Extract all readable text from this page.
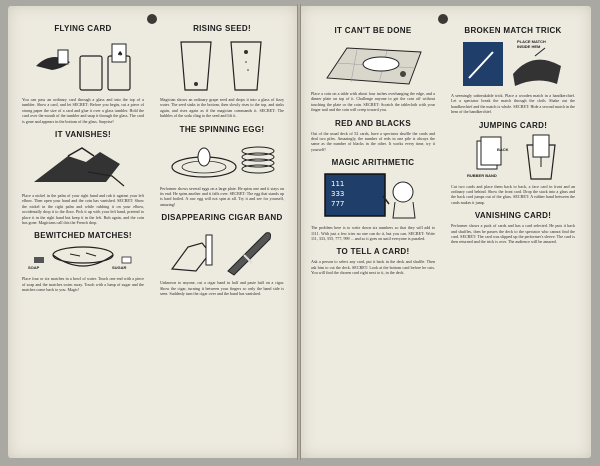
FLYING CARD
♠

You can pass an ordinary card through a glass and into the top of a tumbler. Show a card, and let SECRET: Before you begin, cut a piece of strong paper the size of a card and glue it over a glass tumbler. Hold the card over the mouth of the tumbler and snap it through the glass. The card is gone and appears in the bottom of the glass. Surprise!

IT VANISHES!

Place a nickel in the palm of your right hand and rub it against your left elbow. Then open your hand and the coin has vanished. SECRET: Show the nickel in the right palm and while rubbing it on your elbow, accidentally drop it to the floor. Pick it up with your left hand, pretend to place it in the right hand but keep it in the left. Rub again, and the coin has gone. Magicians call this the French drop.

BEWITCHED MATCHES!
SOAP	SUGAR

Place four or six matches in a bowl of water. Touch one end with a piece of soap and the matches swim away. Touch with a lump of sugar and the matches come back to you. Magic!

RISING SEED!

Magician shows an ordinary grape seed and drops it into a glass of fizzy water. The seed sinks to the bottom, then slowly rises to the top, and sinks again, and rises again as if the magician commands it. SECRET: The bubbles of the soda cling to the seed and lift it.

THE SPINNING EGG!

Performer shows several eggs on a large plate. He spins one and it stays on its end. He spins another and it falls over. SECRET: The egg that stands up is hard boiled. A raw egg will not spin at all. Try it and see for yourself, amazing!

DISAPPEARING CIGAR BAND

Unknown to anyone, cut a cigar band in half and paste half on a cigar. Show the cigar, turning it between your fingers so only the band side is seen. Suddenly turn the cigar over and the band has vanished.

IT CAN'T BE DONE

Place a coin on a table with about four inches overhanging the edge, and a dinner plate on top of it. Challenge anyone to get the coin off without touching the plate or the coin. SECRET: Scratch the tablecloth with your finger nail and the coin will creep toward you.

RED AND BLACKS

Out of the usual deck of 52 cards, have a spectator shuffle the cards and deal two piles. Amazingly, the number of reds in one pile is always the same as the number of blacks in the other. It works every time, try it yourself!

MAGIC ARITHMETIC
111
333
777

The problem here is to write down six numbers so that they will add to 1111. With just a few tries no one can do it, but you can. SECRET: Write 111, 333, 555, 777, 999 ... and so it goes on until everyone is puzzled.

TO TELL A CARD!

Ask a person to select any card, put it back in the deck and shuffle. Then ask him to cut the deck. SECRET: Look at the bottom card before he cuts. You will find the chosen card right next to it, in the deck.

BROKEN MATCH TRICK
PLACE MATCH
INSIDE HEM

A seemingly unbreakable trick. Place a wooden match in a handkerchief. Let a spectator break the match through the cloth. Shake out the handkerchief and the match is whole. SECRET: Hide a second match in the hem of the handkerchief.

JUMPING CARD!
BACK
RUBBER BAND

Cut two cards and place them back to back, a face card in front and an ordinary card behind. Show the front card. Drop the stack into a glass and the back card jumps out of the glass. SECRET: A rubber band between the cards makes it jump.

VANISHING CARD!

Performer shows a pack of cards and has a card selected. He puts it back and shuffles, then he passes the deck to the spectator who cannot find the card. SECRET: The card was slipped up the performer's sleeve. The card is then returned and the trick is over. The audience will be amazed.
